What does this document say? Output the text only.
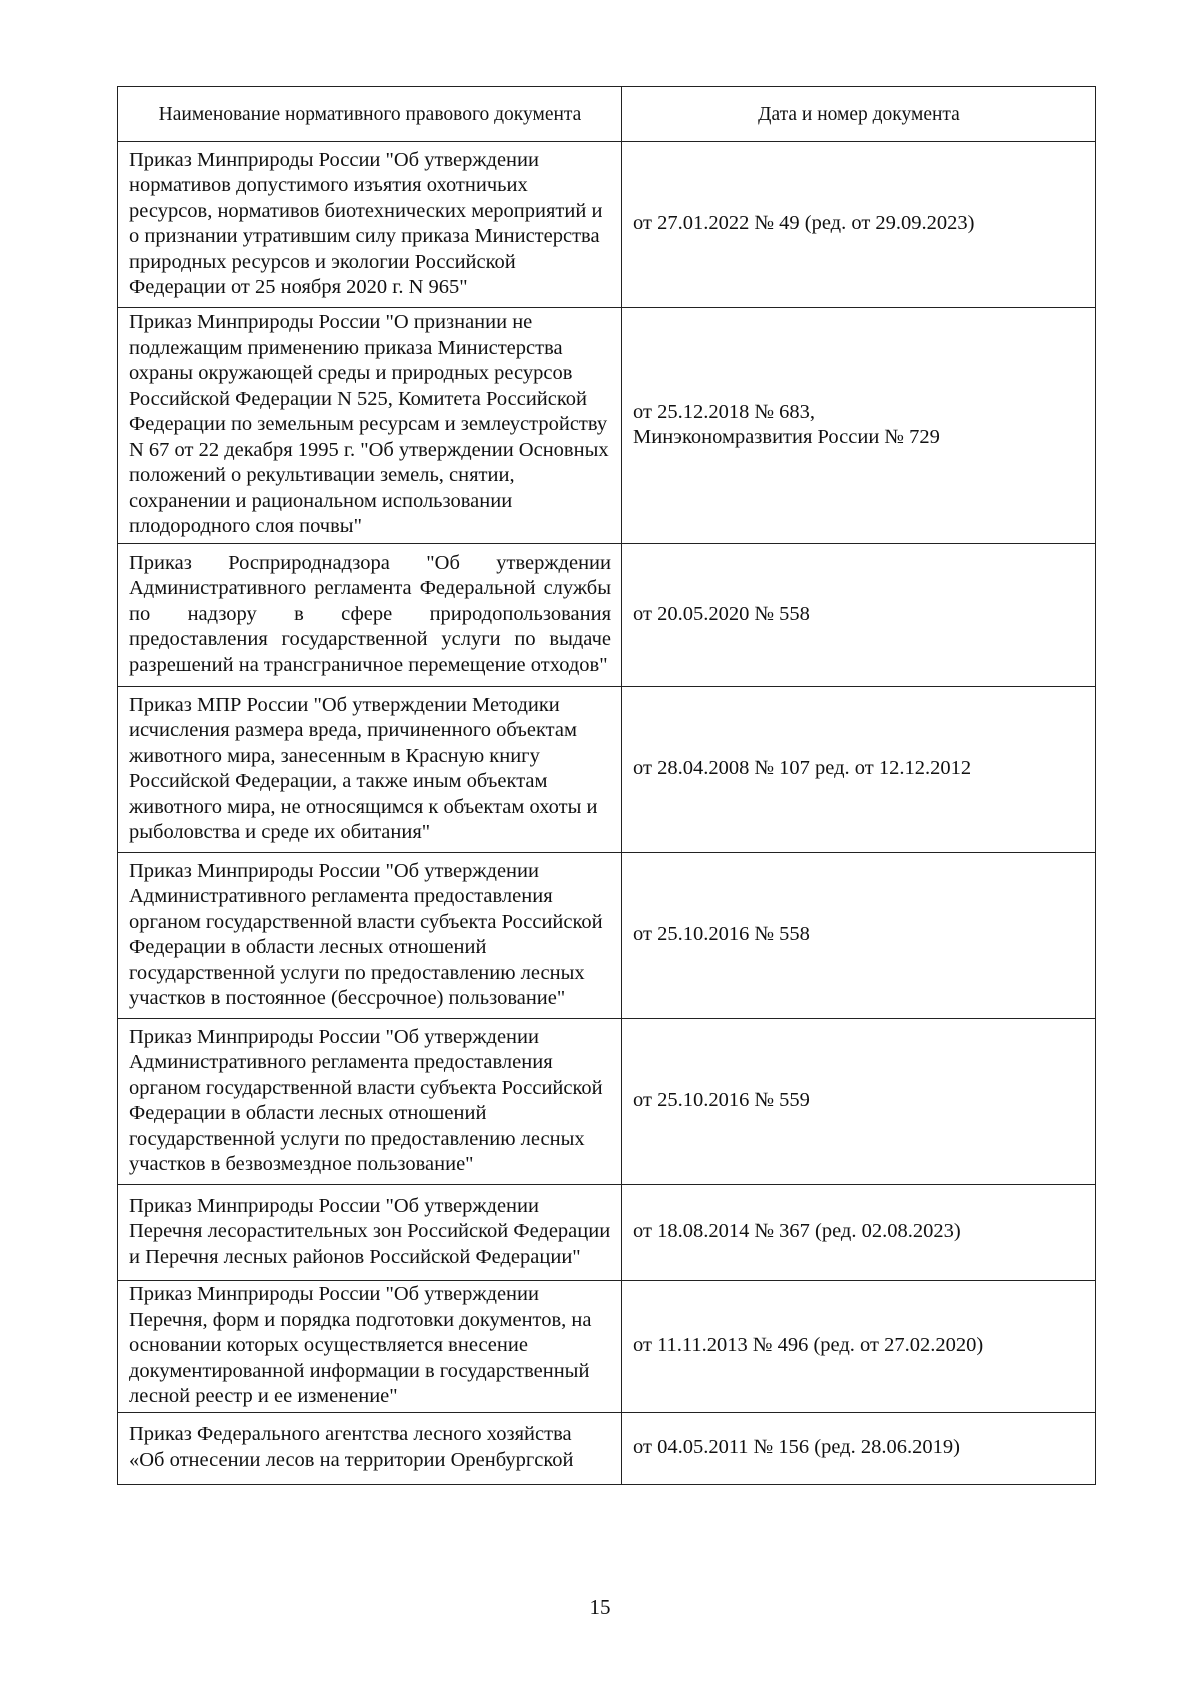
Наименование нормативного правового документа	Дата и номер документа
Приказ Минприроды России "Об утверждении нормативов допустимого изъятия охотничьих ресурсов, нормативов биотехнических мероприятий и о признании утратившим силу приказа Министерства природных ресурсов и экологии Российской Федерации от 25 ноября 2020 г. N 965"	от 27.01.2022 № 49 (ред. от 29.09.2023)
Приказ Минприроды России "О признании не подлежащим применению приказа Министерства охраны окружающей среды и природных ресурсов Российской Федерации N 525, Комитета Российской Федерации по земельным ресурсам и землеустройству N 67 от 22 декабря 1995 г. "Об утверждении Основных положений о рекультивации земель, снятии, сохранении и рациональном использовании плодородного слоя почвы"	от 25.12.2018 № 683,
Минэкономразвития России № 729
Приказ Росприроднадзора "Об утверждении Административного регламента Федеральной службы по надзору в сфере природопользования предоставления государственной услуги по выдаче разрешений на трансграничное перемещение отходов"	от 20.05.2020 № 558
Приказ МПР России "Об утверждении Методики исчисления размера вреда, причиненного объектам животного мира, занесенным в Красную книгу Российской Федерации, а также иным объектам животного мира, не относящимся к объектам охоты и рыболовства и среде их обитания"	от 28.04.2008 № 107 ред. от 12.12.2012
Приказ Минприроды России "Об утверждении Административного регламента предоставления органом государственной власти субъекта Российской Федерации в области лесных отношений государственной услуги по предоставлению лесных участков в постоянное (бессрочное) пользование"	от 25.10.2016 № 558
Приказ Минприроды России "Об утверждении Административного регламента предоставления органом государственной власти субъекта Российской Федерации в области лесных отношений государственной услуги по предоставлению лесных участков в безвозмездное пользование"	от 25.10.2016 № 559
Приказ Минприроды России "Об утверждении Перечня лесорастительных зон Российской Федерации и Перечня лесных районов Российской Федерации"	от 18.08.2014 № 367 (ред. 02.08.2023)
Приказ Минприроды России "Об утверждении Перечня, форм и порядка подготовки документов, на основании которых осуществляется внесение документированной информации в государственный лесной реестр и ее изменение"	от 11.11.2013 № 496 (ред. от 27.02.2020)
Приказ Федерального агентства лесного хозяйства «Об отнесении лесов на территории Оренбургской	от 04.05.2011 № 156 (ред. 28.06.2019)
15
